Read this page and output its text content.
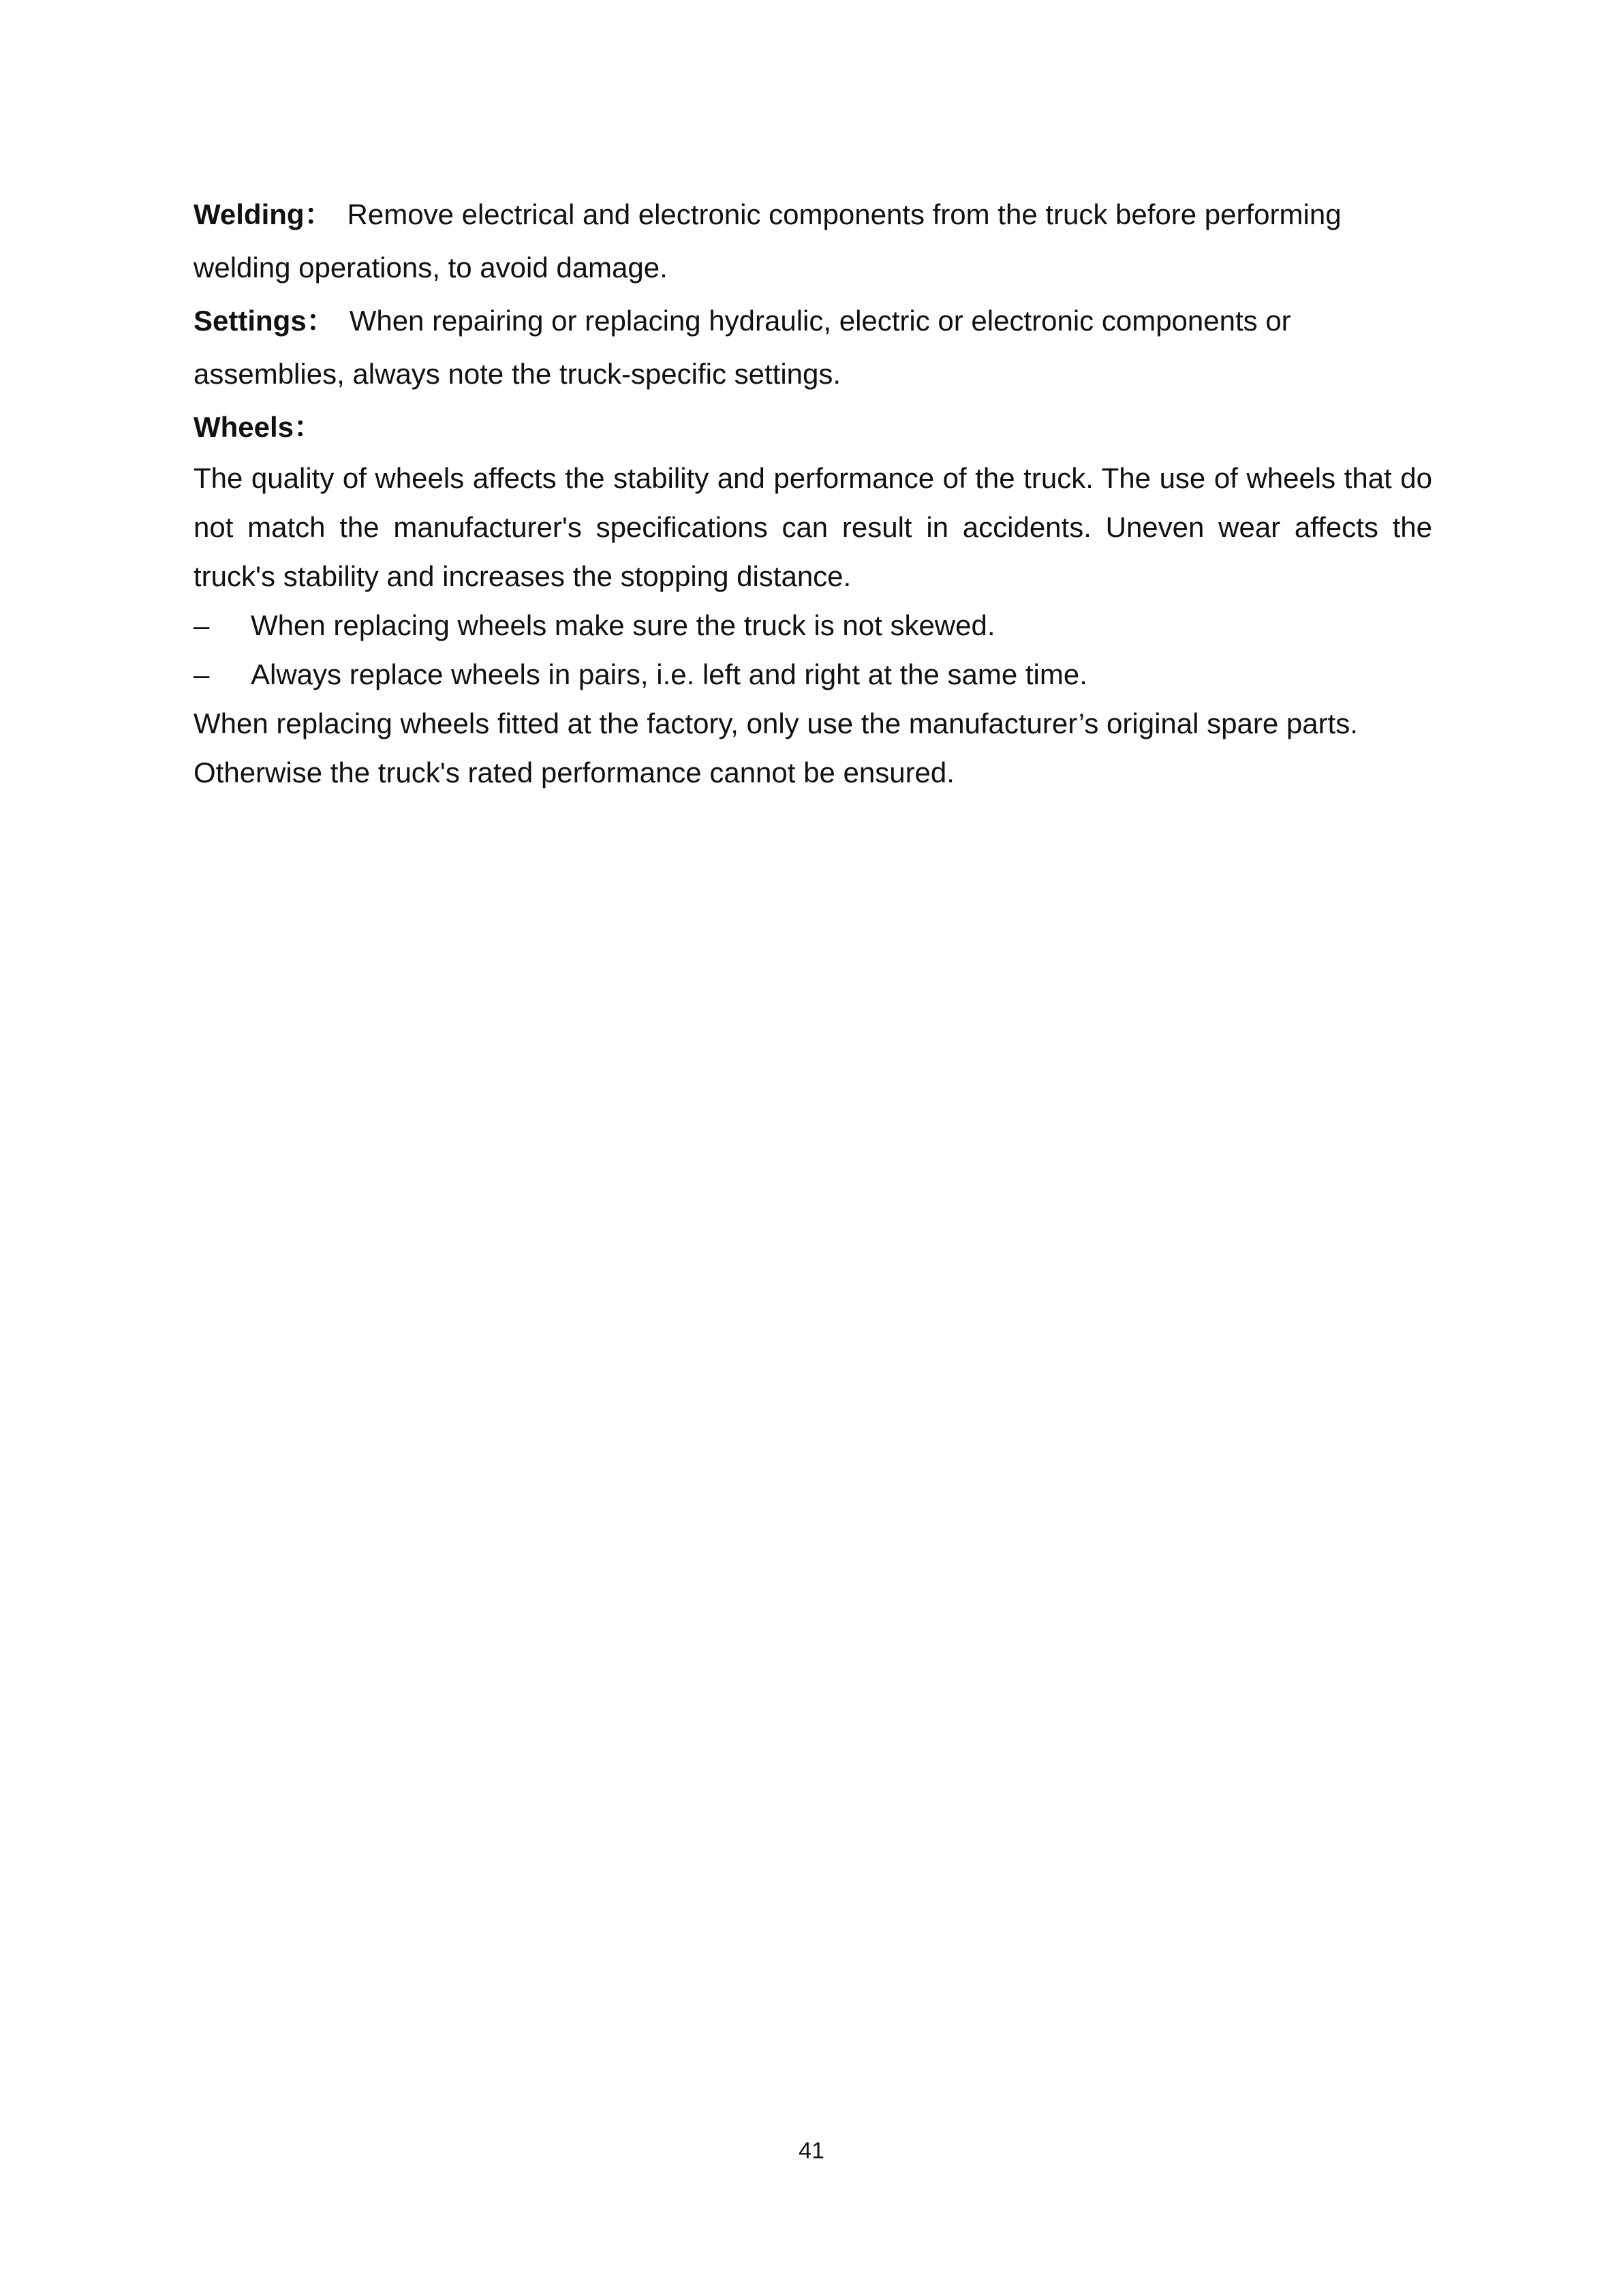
Welding： Remove electrical and electronic components from the truck before performing
welding operations, to avoid damage.

Settings： When repairing or replacing hydraulic, electric or electronic components or
assemblies, always note the truck-specific settings.

Wheels：

The quality of wheels affects the stability and performance of the truck. The use of wheels that do not match the manufacturer's specifications can result in accidents. Uneven wear affects the truck's stability and increases the stopping distance.

–	When replacing wheels make sure the truck is not skewed.
–	Always replace wheels in pairs, i.e. left and right at the same time.

When replacing wheels fitted at the factory, only use the manufacturer’s original spare parts.
Otherwise the truck's rated performance cannot be ensured.

41
